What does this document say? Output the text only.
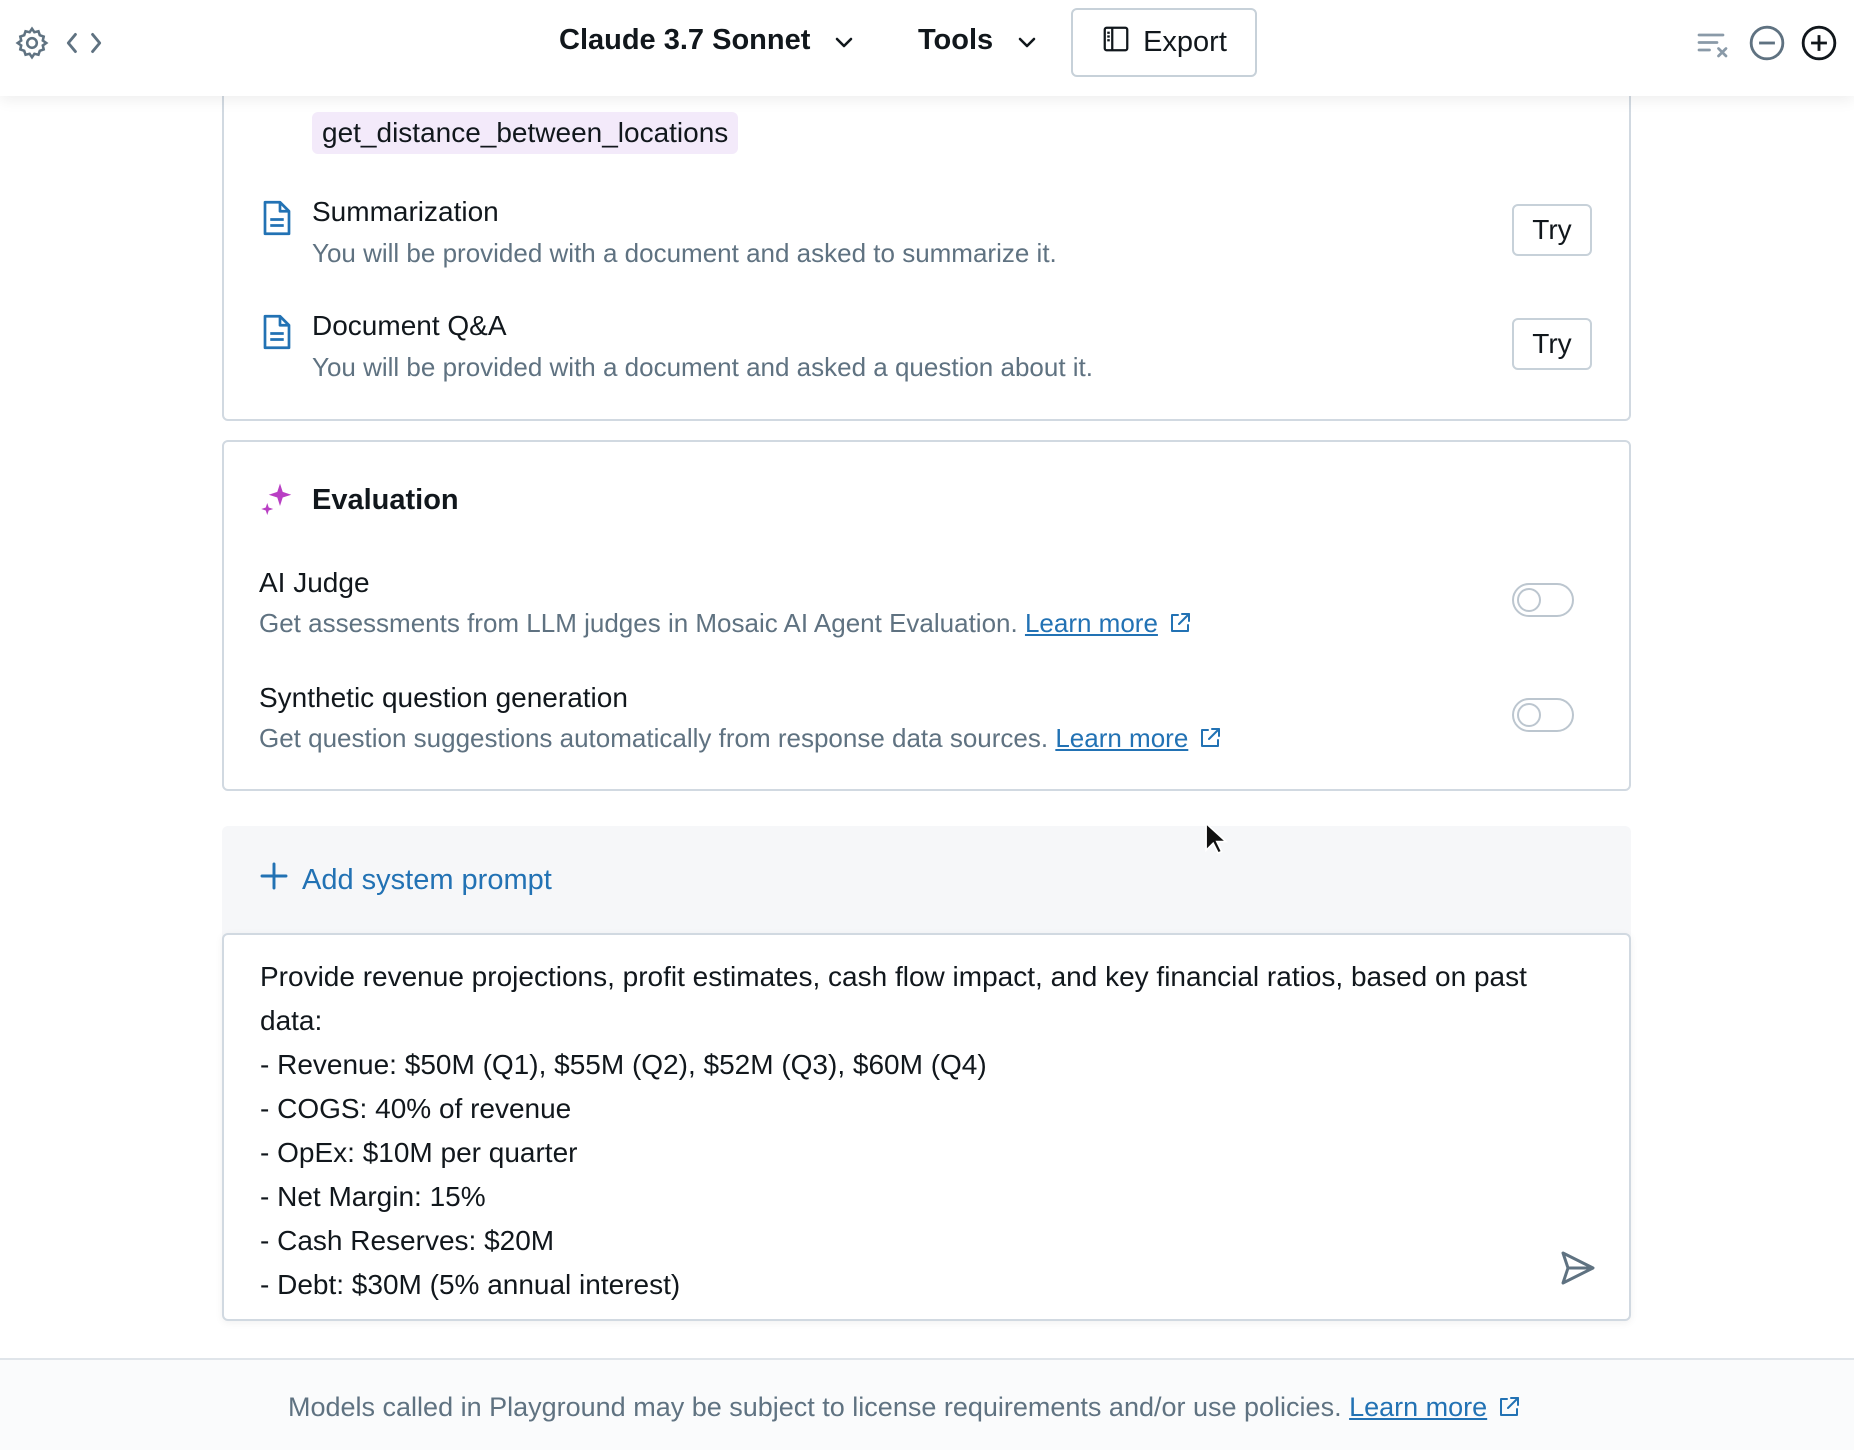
Claude 3.7 Sonnet	Tools	Export
get_distance_between_locations
Summarization
You will be provided with a document and asked to summarize it.
Try
Document Q&A
You will be provided with a document and asked a question about it.
Try
Evaluation
AI Judge
Get assessments from LLM judges in Mosaic AI Agent Evaluation. Learn more
Synthetic question generation
Get question suggestions automatically from response data sources. Learn more
Add system prompt
Provide revenue projections, profit estimates, cash flow impact, and key financial ratios, based on past data:
- Revenue: $50M (Q1), $55M (Q2), $52M (Q3), $60M (Q4)
- COGS: 40% of revenue
- OpEx: $10M per quarter
- Net Margin: 15%
- Cash Reserves: $20M
- Debt: $30M (5% annual interest)
Models called in Playground may be subject to license requirements and/or use policies. Learn more
